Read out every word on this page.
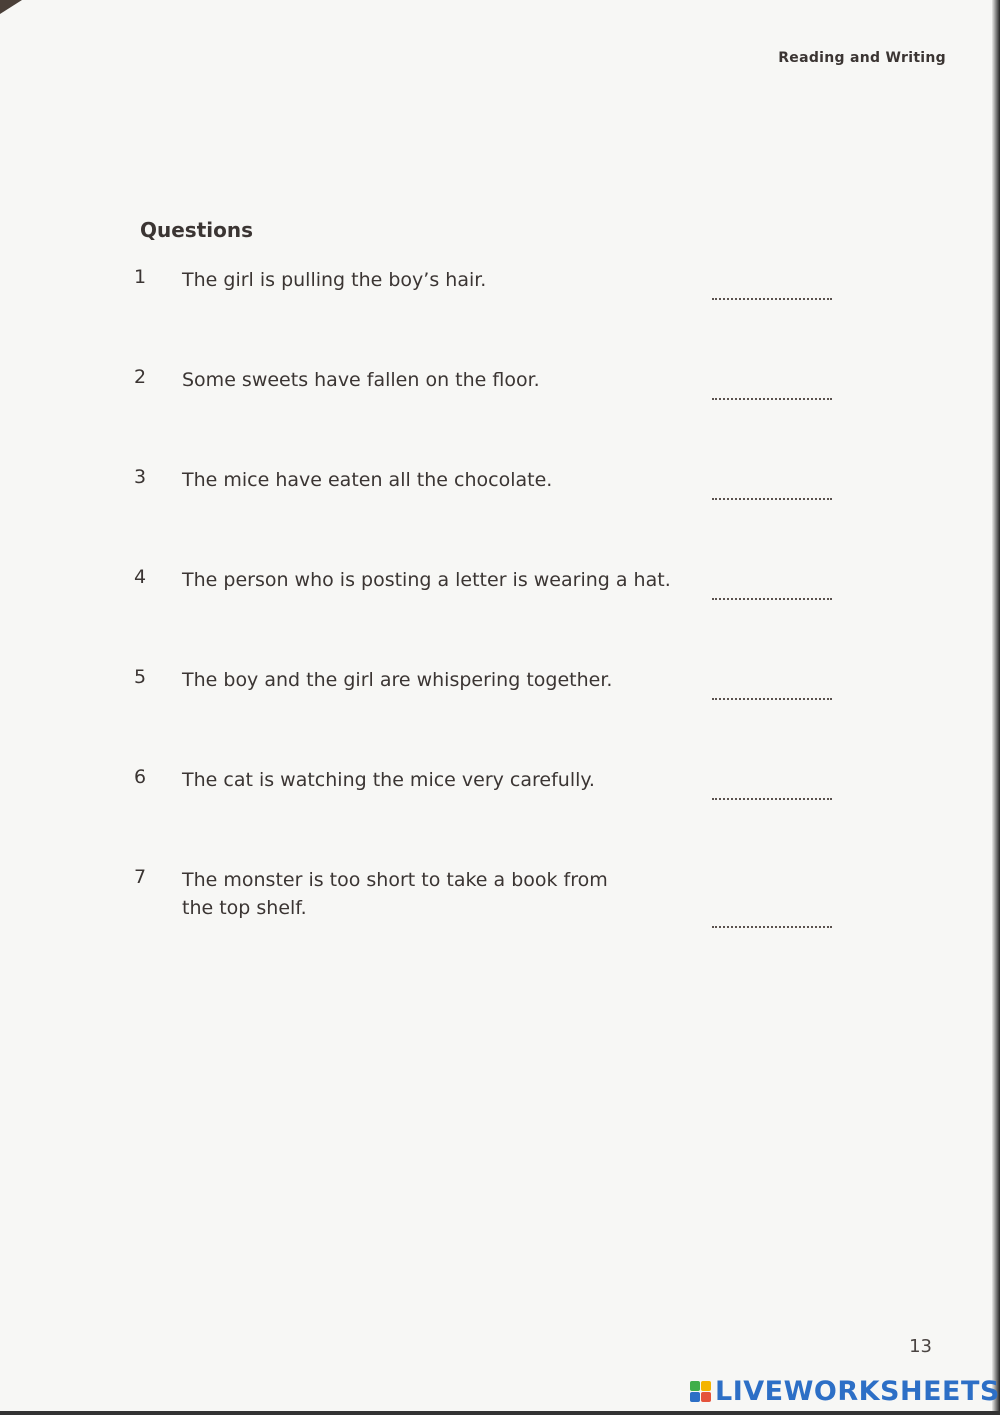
Reading and Writing
Questions
1 The girl is pulling the boy’s hair.
2 Some sweets have fallen on the floor.
3 The mice have eaten all the chocolate.
4 The person who is posting a letter is wearing a hat.
5 The boy and the girl are whispering together.
6 The cat is watching the mice very carefully.
7 The monster is too short to take a book from the top shelf.
13
LIVEWORKSHEETS
